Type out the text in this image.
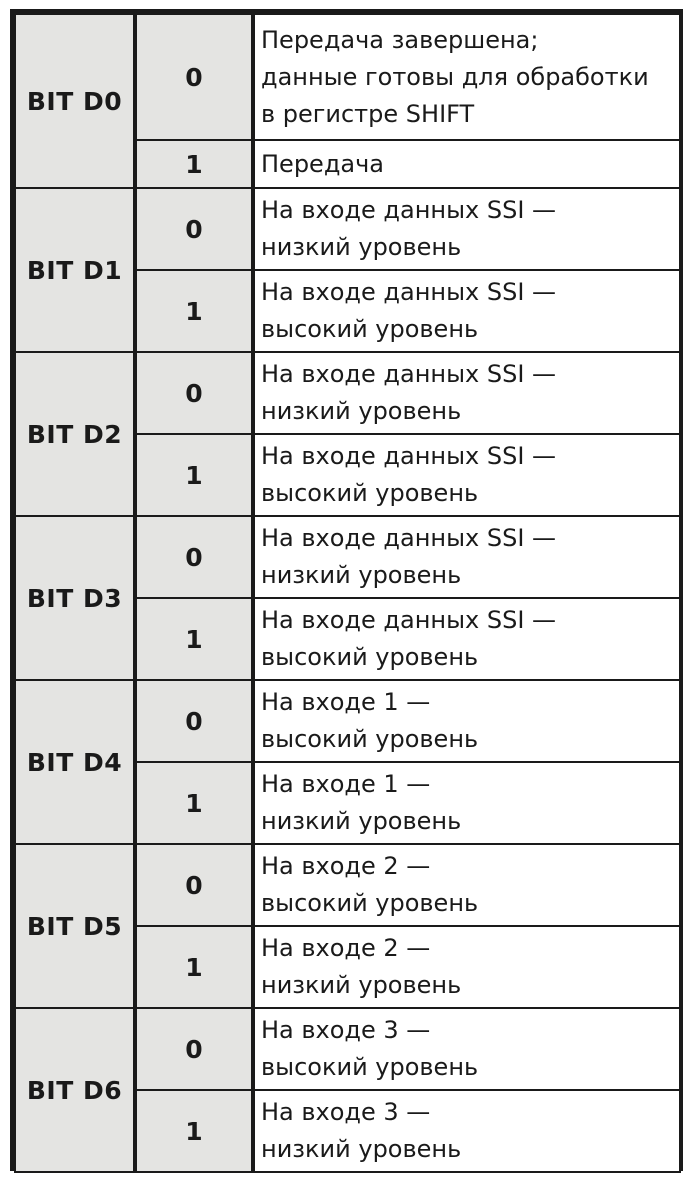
BIT D0	0	Передача завершена;
данные готовы для обработки
в регистре SHIFT

	1	Передача

BIT D1	0	На входе данных SSI —
низкий уровень

	1	На входе данных SSI —
высокий уровень

BIT D2	0	На входе данных SSI —
низкий уровень

	1	На входе данных SSI —
высокий уровень

BIT D3	0	На входе данных SSI —
низкий уровень

	1	На входе данных SSI —
высокий уровень

BIT D4	0	На входе 1 —
высокий уровень

	1	На входе 1 —
низкий уровень

BIT D5	0	На входе 2 —
высокий уровень

	1	На входе 2 —
низкий уровень

BIT D6	0	На входе 3 —
высокий уровень

	1	На входе 3 —
низкий уровень
